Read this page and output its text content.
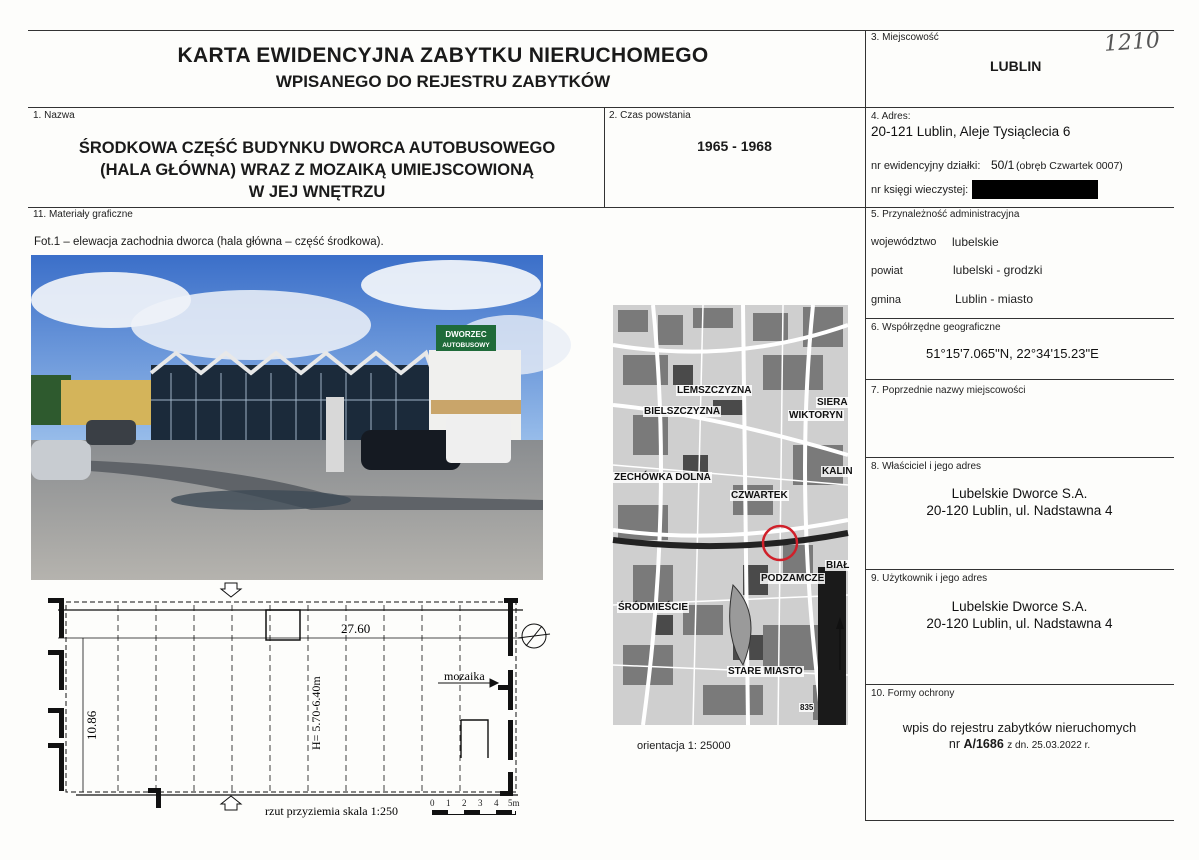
KARTA EWIDENCYJNA ZABYTKU NIERUCHOMEGO
WPISANEGO DO REJESTRU ZABYTKÓW
3. Miejscowość
LUBLIN
1210
1. Nazwa
ŚRODKOWA CZĘŚĆ BUDYNKU DWORCA AUTOBUSOWEGO
(HALA GŁÓWNA) WRAZ Z MOZAIKĄ UMIEJSCOWIONĄ
W JEJ WNĘTRZU
2. Czas powstania
1965 - 1968
4. Adres:
20-121 Lublin, Aleje Tysiąclecia 6
nr ewidencyjny działki: 50/1 (obręb Czwartek 0007)
nr księgi wieczystej:
11. Materiały graficzne
Fot.1 – elewacja zachodnia dworca (hala główna – część środkowa).
5. Przynależność administracyjna
województwo lubelskie
powiat	lubelski - grodzki
gmina	Lublin - miasto
6. Współrzędne geograficzne
51°15'7.065"N, 22°34'15.23"E
7. Poprzednie nazwy miejscowości
8. Właściciel i jego adres
Lubelskie Dworce S.A.
20-120 Lublin, ul. Nadstawna 4
9. Użytkownik i jego adres
Lubelskie Dworce S.A.
20-120 Lublin, ul. Nadstawna 4
10. Formy ochrony
wpis do rejestru zabytków nieruchomych
nr A/1686 z dn. 25.03.2022 r.
DWORZEC
AUTOBUSOWY
LEMSZCZYZNA
SIERA
BIELSZCZYZNA	WIKTORYN
KALIN
ZECHÓWKA DOLNA
CZWARTEK
BIAŁ
PODZAMCZE
ŚRÓDMIEŚCIE
STARE MIASTO
835
orientacja 1: 25000
27.60
10.86	H= 5.70-6.40m
mozaika
rzut przyziemia skala 1:250
0 1 2 3 4 5m
